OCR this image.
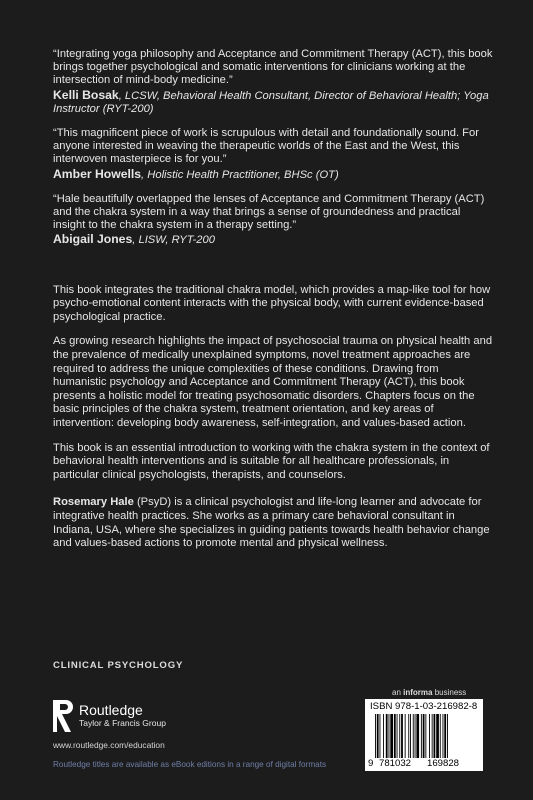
“Integrating yoga philosophy and Acceptance and Commitment Therapy (ACT), this book brings together psychological and somatic interventions for clinicians working at the intersection of mind-body medicine.”
Kelli Bosak, LCSW, Behavioral Health Consultant, Director of Behavioral Health; Yoga Instructor (RYT-200)
“This magnificent piece of work is scrupulous with detail and foundationally sound. For anyone interested in weaving the therapeutic worlds of the East and the West, this interwoven masterpiece is for you.”
Amber Howells, Holistic Health Practitioner, BHSc (OT)
“Hale beautifully overlapped the lenses of Acceptance and Commitment Therapy (ACT) and the chakra system in a way that brings a sense of groundedness and practical insight to the chakra system in a therapy setting.”
Abigail Jones, LISW, RYT-200

This book integrates the traditional chakra model, which provides a map-like tool for how psycho-emotional content interacts with the physical body, with current evidence-based psychological practice.

As growing research highlights the impact of psychosocial trauma on physical health and the prevalence of medically unexplained symptoms, novel treatment approaches are required to address the unique complexities of these conditions. Drawing from humanistic psychology and Acceptance and Commitment Therapy (ACT), this book presents a holistic model for treating psychosomatic disorders. Chapters focus on the basic principles of the chakra system, treatment orientation, and key areas of intervention: developing body awareness, self-integration, and values-based action.

This book is an essential introduction to working with the chakra system in the context of behavioral health interventions and is suitable for all healthcare professionals, in particular clinical psychologists, therapists, and counselors.

Rosemary Hale (PsyD) is a clinical psychologist and life-long learner and advocate for integrative health practices. She works as a primary care behavioral consultant in Indiana, USA, where she specializes in guiding patients towards health behavior change and values-based actions to promote mental and physical wellness.
CLINICAL PSYCHOLOGY
Routledge
Taylor & Francis Group
www.routledge.com/education
Routledge titles are available as eBook editions in a range of digital formats
an informa business
ISBN 978-1-03-216982-8
9 781032 169828
